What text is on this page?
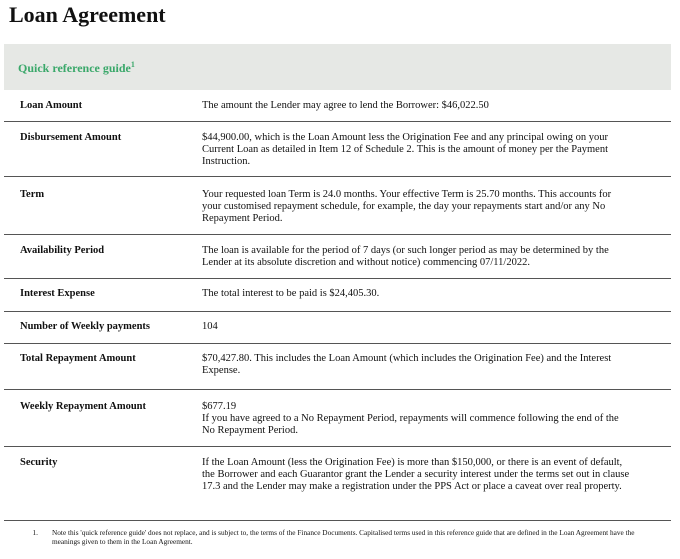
Loan Agreement
Quick reference guide$^1$
Loan Amount	The amount the Lender may agree to lend the Borrower: $46,022.50

Disbursement Amount	$44,900.00, which is the Loan Amount less the Origination Fee and any principal owing on your Current Loan as detailed in Item 12 of Schedule 2. This is the amount of money per the Payment Instruction.

Term	Your requested loan Term is 24.0 months. Your effective Term is 25.70 months. This accounts for your customised repayment schedule, for example, the day your repayments start and/or any No Repayment Period.

Availability Period	The loan is available for the period of 7 days (or such longer period as may be determined by the Lender at its absolute discretion and without notice) commencing 07/11/2022.

Interest Expense	The total interest to be paid is $24,405.30.

Number of Weekly payments	104

Total Repayment Amount	$70,427.80. This includes the Loan Amount (which includes the Origination Fee) and the Interest Expense.

Weekly Repayment Amount	$677.19

If you have agreed to a No Repayment Period, repayments will commence following the end of the No Repayment Period.

Security	If the Loan Amount (less the Origination Fee) is more than $150,000, or there is an event of default, the Borrower and each Guarantor grant the Lender a security interest under the terms set out in clause 17.3 and the Lender may make a registration under the PPS Act or place a caveat over real property.

1.	Note this 'quick reference guide' does not replace, and is subject to, the terms of the Finance Documents. Capitalised terms used in this reference guide that are defined in the Loan Agreement have the meanings given to them in the Loan Agreement.
